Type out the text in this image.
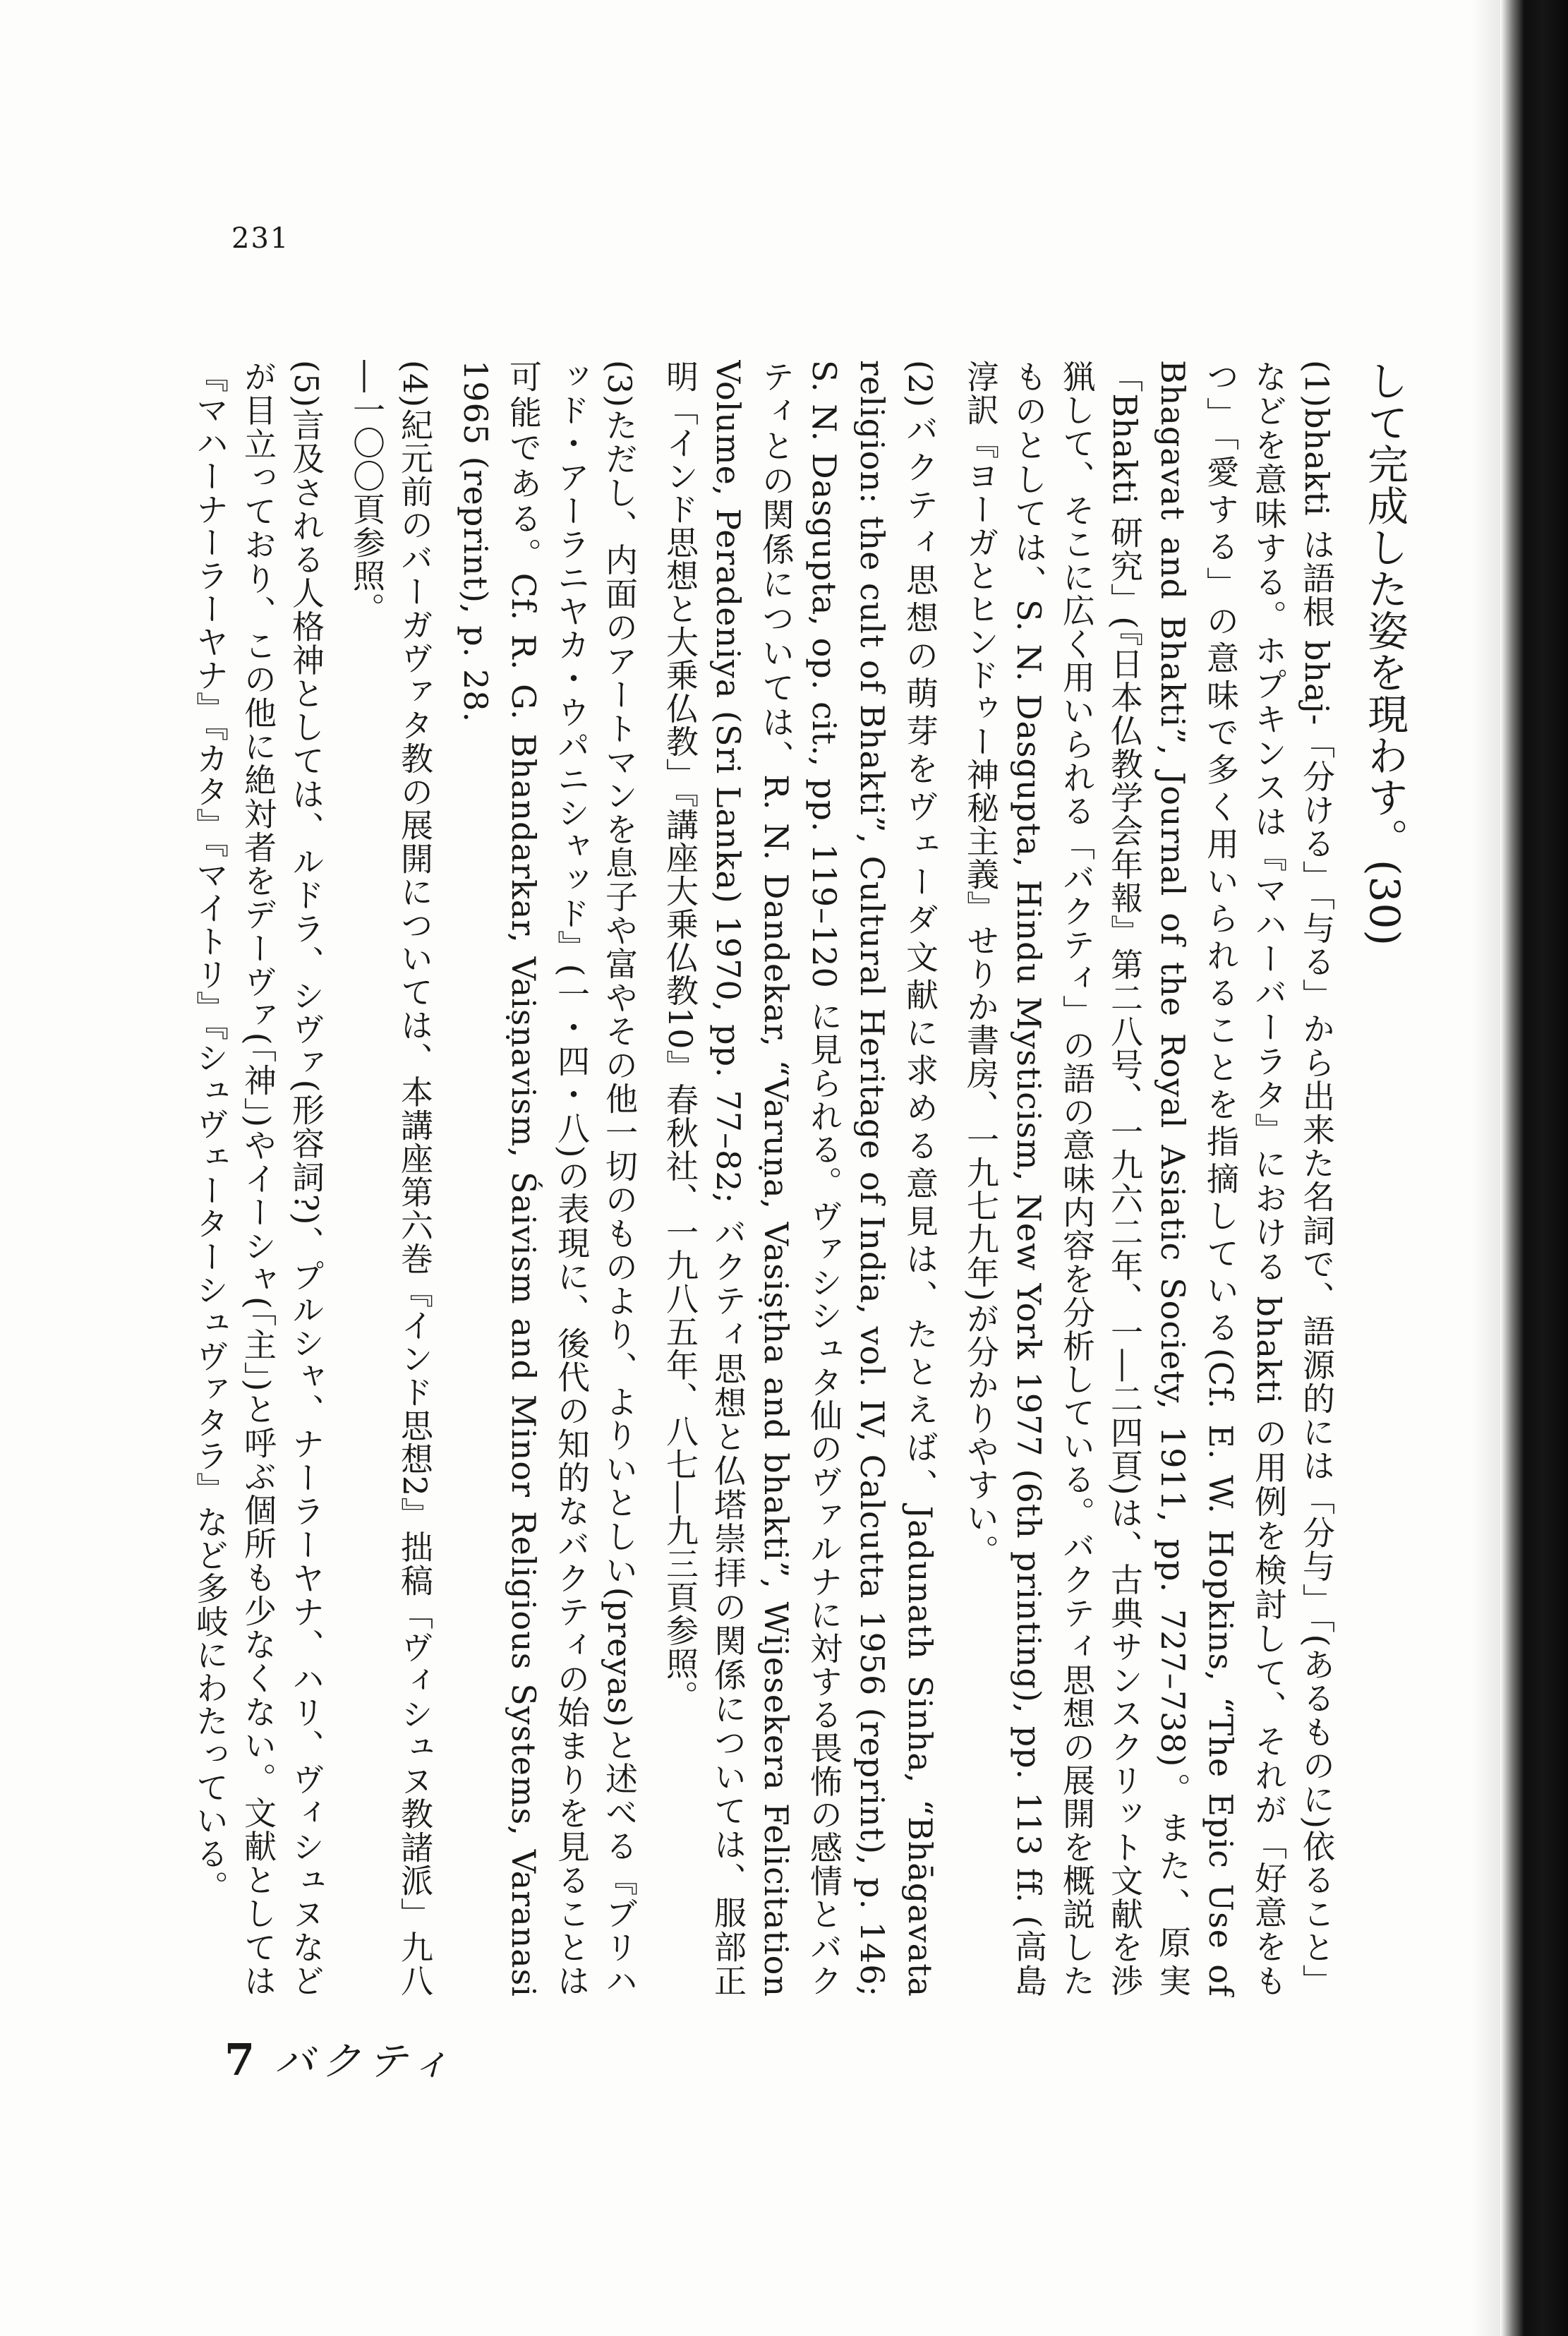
231

して完成した姿を現わす。(30)

(1)bhakti は語根 bhaj-「分ける」「与る」から出来た名詞で、語源的には「分与」「(あるものに)依ること」などを意味する。ホプキンスは『マハーバーラタ』における bhakti の用例を検討して、それが「好意をもつ」「愛する」の意味で多く用いられることを指摘している(Cf. E. W. Hopkins, “The Epic Use of Bhagavat and Bhakti”, Journal of the Royal Asiatic Society, 1911, pp. 727–738)。また、原実「Bhakti 研究」(『日本仏教学会年報』第二八号、一九六二年、一―二四頁)は、古典サンスクリット文献を渉猟して、そこに広く用いられる「バクティ」の語の意味内容を分析している。バクティ思想の展開を概説したものとしては、S. N. Dasgupta, Hindu Mysticism, New York 1977 (6th printing), pp. 113 ff. (高島淳訳『ヨーガとヒンドゥー神秘主義』せりか書房、一九七九年)が分かりやすい。

(2)バクティ思想の萌芽をヴェーダ文献に求める意見は、たとえば、Jadunath Sinha, “Bhāgavata religion: the cult of Bhakti”, Cultural Heritage of India, vol. IV, Calcutta 1956 (reprint), p. 146; S. N. Dasgupta, op. cit., pp. 119–120 に見られる。ヴァシシュタ仙のヴァルナに対する畏怖の感情とバクティとの関係については、R. N. Dandekar, “Varuṇa, Vasiṣṭha and bhakti”, Wijesekera Felicitation Volume, Peradeniya (Sri Lanka) 1970, pp. 77–82; バクティ思想と仏塔崇拝の関係については、服部正明「インド思想と大乗仏教」『講座大乗仏教10』春秋社、一九八五年、八七―九三頁参照。

(3)ただし、内面のアートマンを息子や富やその他一切のものより、よりいとしい(preyas)と述べる『ブリハッド・アーラニヤカ・ウパニシャッド』(一・四・八)の表現に、後代の知的なバクティの始まりを見ることは可能である。Cf. R. G. Bhandarkar, Vaiṣṇavism, Śaivism and Minor Religious Systems, Varanasi 1965 (reprint), p. 28.

(4)紀元前のバーガヴァタ教の展開については、本講座第六巻『インド思想2』拙稿「ヴィシュヌ教諸派」九八―一〇〇頁参照。

(5)言及される人格神としては、ルドラ、シヴァ(形容詞?)、プルシャ、ナーラーヤナ、ハリ、ヴィシュヌなどが目立っており、この他に絶対者をデーヴァ(「神」)やイーシャ(「主」)と呼ぶ個所も少なくない。文献としては『マハーナーラーヤナ』『カタ』『マイトリ』『シュヴェーターシュヴァタラ』など多岐にわたっている。

7 バクティ
